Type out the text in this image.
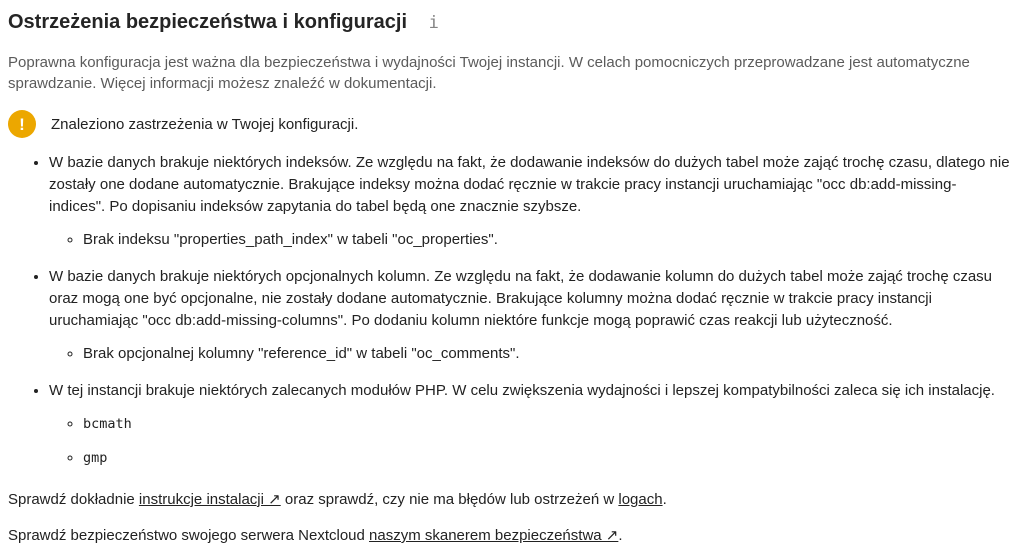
Ostrzeżenia bezpieczeństwa i konfiguracji i

Poprawna konfiguracja jest ważna dla bezpieczeństwa i wydajności Twojej instancji. W celach pomocniczych przeprowadzane jest automatyczne sprawdzanie. Więcej informacji możesz znaleźć w dokumentacji.

!	Znaleziono zastrzeżenia w Twojej konfiguracji.
• W bazie danych brakuje niektórych indeksów. Ze względu na fakt, że dodawanie indeksów do dużych tabel może zająć trochę czasu, dlatego nie zostały one dodane automatycznie. Brakujące indeksy można dodać ręcznie w trakcie pracy instancji uruchamiając "occ db:add-missing-indices". Po dopisaniu indeksów zapytania do tabel będą one znacznie szybsze.
◦ Brak indeksu "properties_path_index" w tabeli "oc_properties".
• W bazie danych brakuje niektórych opcjonalnych kolumn. Ze względu na fakt, że dodawanie kolumn do dużych tabel może zająć trochę czasu oraz mogą one być opcjonalne, nie zostały dodane automatycznie. Brakujące kolumny można dodać ręcznie w trakcie pracy instancji uruchamiając "occ db:add-missing-columns". Po dodaniu kolumn niektóre funkcje mogą poprawić czas reakcji lub użyteczność.
◦ Brak opcjonalnej kolumny "reference_id" w tabeli "oc_comments".
• W tej instancji brakuje niektórych zalecanych modułów PHP. W celu zwiększenia wydajności i lepszej kompatybilności zaleca się ich instalację.
◦ bcmath
◦ gmp

Sprawdź dokładnie instrukcje instalacji ↗ oraz sprawdź, czy nie ma błędów lub ostrzeżeń w logach.

Sprawdź bezpieczeństwo swojego serwera Nextcloud naszym skanerem bezpieczeństwa ↗.
